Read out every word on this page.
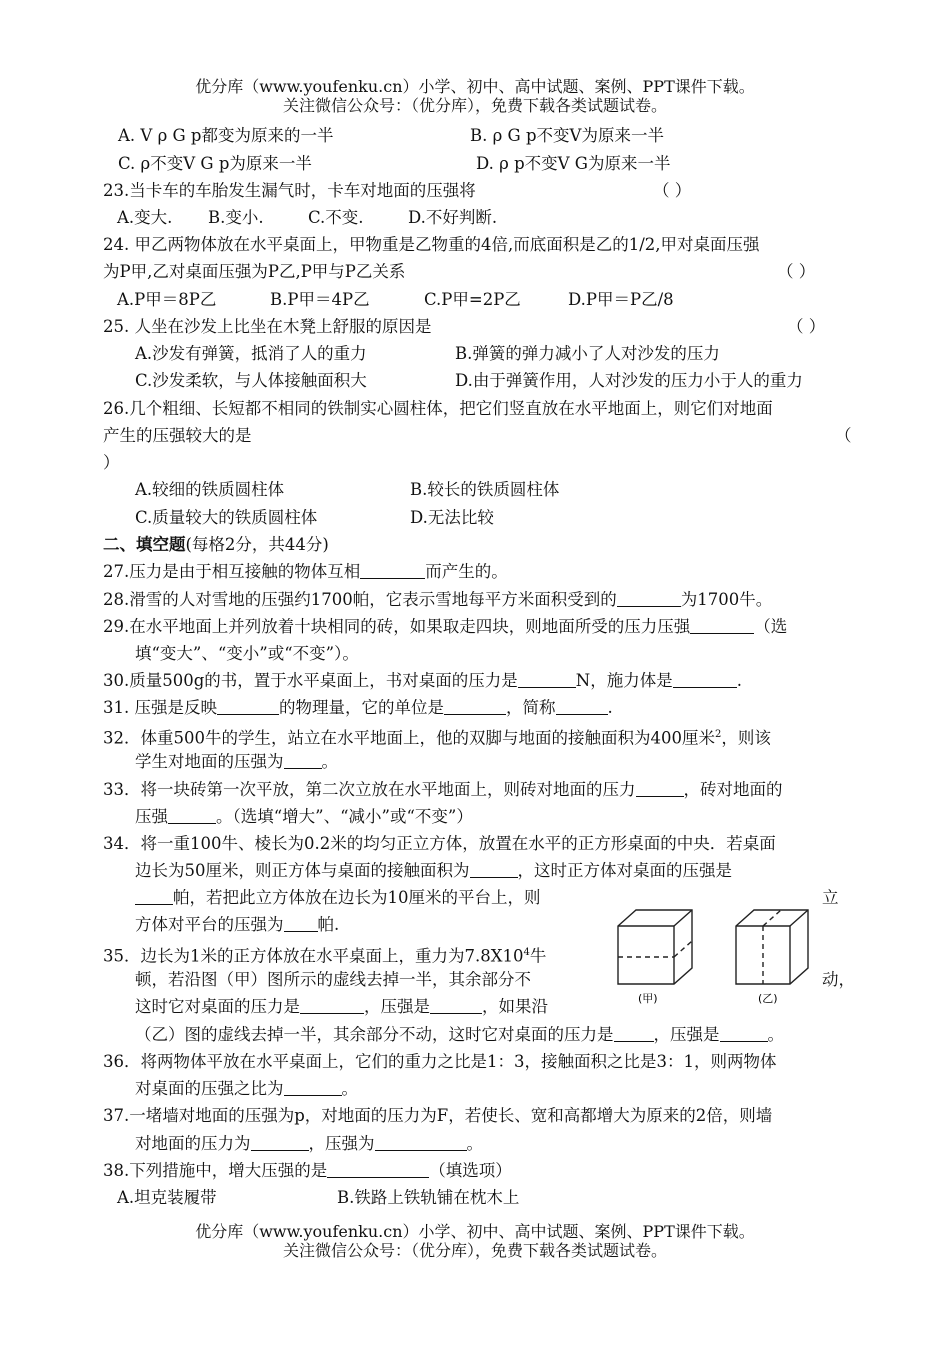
优分库（www.youfenku.cn）小学、初中、高中试题、案例、PPT课件下载。
关注微信公众号：（优分库），免费下载各类试题试卷。
A. V ρ G p都变为原来的一半	B. ρ G p不变V为原来一半
C. ρ不变V G p为原来一半	D. ρ p不变V G为原来一半
23.当卡车的车胎发生漏气时，卡车对地面的压强将	（ ）
A.变大. B.变小.	C.不变.	D.不好判断.
24. 甲乙两物体放在水平桌面上，甲物重是乙物重的4倍,而底面积是乙的1/2,甲对桌面压强
为P甲,乙对桌面压强为P乙,P甲与P乙关系	（ ）
A.P甲＝8P乙	B.P甲＝4P乙	C.P甲=2P乙	D.P甲＝P乙/8
25. 人坐在沙发上比坐在木凳上舒服的原因是	（ ）
A.沙发有弹簧，抵消了人的重力	B.弹簧的弹力减小了人对沙发的压力
C.沙发柔软，与人体接触面积大	D.由于弹簧作用，人对沙发的压力小于人的重力
26.几个粗细、长短都不相同的铁制实心圆柱体，把它们竖直放在水平地面上，则它们对地面
产生的压强较大的是	（
）
A.较细的铁质圆柱体	B.较长的铁质圆柱体
C.质量较大的铁质圆柱体	D.无法比较
二、填空题(每格2分，共44分)
27.压力是由于相互接触的物体互相	而产生的。
28.滑雪的人对雪地的压强约1700帕，它表示雪地每平方米面积受到的	为1700牛。
29.在水平地面上并列放着十块相同的砖，如果取走四块，则地面所受的压力压强	（选
填“变大”、“变小”或“不变”）。
30.质量500g的书，置于水平桌面上，书对桌面的压力是	N，施力体是	.
31. 压强是反映	的物理量，它的单位是	，简称	.
32．体重500牛的学生，站立在水平地面上，他的双脚与地面的接触面积为400厘米$^2$，则该
学生对地面的压强为 。
33．将一块砖第一次平放，第二次立放在水平地面上，则砖对地面的压力	，砖对地面的
压强	。（选填“增大”、“减小”或“不变”）
34．将一重100牛、棱长为0.2米的均匀正立方体，放置在水平的正方形桌面的中央．若桌面
边长为50厘米，则正方体与桌面的接触面积为	，这时正方体对桌面的压强是
帕，若把此立方体放在边长为10厘米的平台上，则	立
方体对平台的压强为 帕.
35．边长为1米的正方体放在水平桌面上，重力为$7.8X10^4$牛
顿，若沿图（甲）图所示的虚线去掉一半，其余部分不	动，
这时它对桌面的压力是	，压强是	，如果沿
（乙）图的虚线去掉一半，其余部分不动，这时它对桌面的压力是 ，压强是	。
(甲)	(乙)
36．将两物体平放在水平桌面上，它们的重力之比是1：3，接触面积之比是3：1，则两物体
对桌面的压强之比为	。
37.一堵墙对地面的压强为p，对地面的压力为F，若使长、宽和高都增大为原来的2倍，则墙
对地面的压力为	，压强为	。
38.下列措施中，增大压强的是	（填选项）
A.坦克装履带	B.铁路上铁轨铺在枕木上
优分库（www.youfenku.cn）小学、初中、高中试题、案例、PPT课件下载。
关注微信公众号：（优分库），免费下载各类试题试卷。
